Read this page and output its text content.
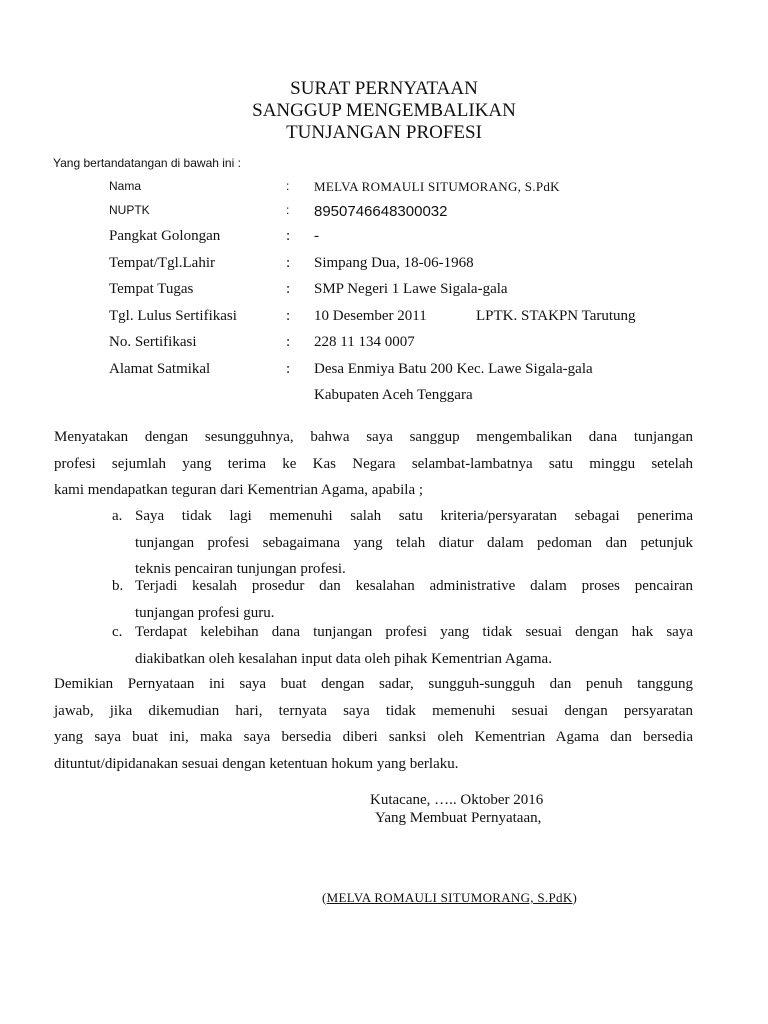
SURAT PERNYATAAN
SANGGUP MENGEMBALIKAN
TUNJANGAN PROFESI
Yang bertandatangan di bawah ini :
Nama	: MELVA ROMAULI SITUMORANG, S.PdK
NUPTK	: 8950746648300032
Pangkat Golongan	: -
Tempat/Tgl.Lahir	: Simpang Dua, 18-06-1968
Tempat Tugas	: SMP Negeri 1 Lawe Sigala-gala
Tgl. Lulus Sertifikasi	: 10 Desember 2011	LPTK. STAKPN Tarutung
No. Sertifikasi	: 228 11 134 0007
Alamat Satmikal	: Desa Enmiya Batu 200 Kec. Lawe Sigala-gala
Kabupaten Aceh Tenggara
Menyatakan dengan sesungguhnya, bahwa saya sanggup mengembalikan dana tunjangan
profesi sejumlah yang terima ke Kas Negara selambat-lambatnya satu minggu setelah
kami mendapatkan teguran dari Kementrian Agama, apabila ;
a. Saya tidak lagi memenuhi salah satu kriteria/persyaratan sebagai penerima
tunjangan profesi sebagaimana yang telah diatur dalam pedoman dan petunjuk
teknis pencairan tunjungan profesi.
b. Terjadi kesalah prosedur dan kesalahan administrative dalam proses pencairan
tunjangan profesi guru.
c. Terdapat kelebihan dana tunjangan profesi yang tidak sesuai dengan hak saya
diakibatkan oleh kesalahan input data oleh pihak Kementrian Agama.
Demikian Pernyataan ini saya buat dengan sadar, sungguh-sungguh dan penuh tanggung
jawab, jika dikemudian hari, ternyata saya tidak memenuhi sesuai dengan persyaratan
yang saya buat ini, maka saya bersedia diberi sanksi oleh Kementrian Agama dan bersedia
dituntut/dipidanakan sesuai dengan ketentuan hokum yang berlaku.
Kutacane, ….. Oktober 2016
Yang Membuat Pernyataan,
(MELVA ROMAULI SITUMORANG, S.PdK)
